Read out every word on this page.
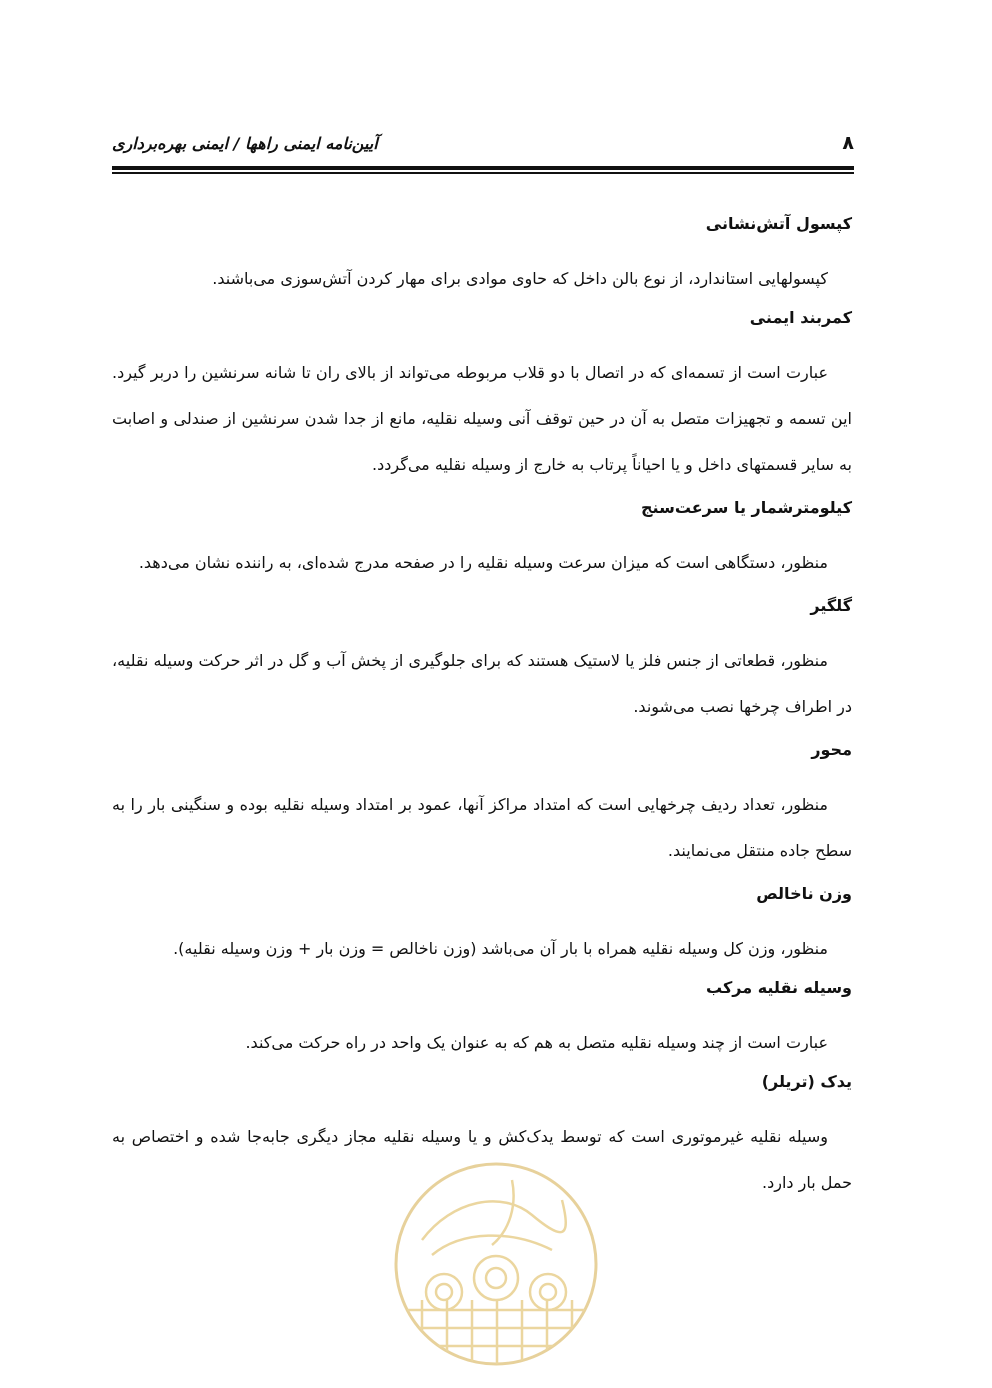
۸
آیین‌نامه ایمنی راهها / ایمنی بهره‌برداری
کپسول آتش‌نشانی

کپسولهایی استاندارد، از نوع بالن داخل که حاوی موادی برای مهار کردن آتش‌سوزی می‌باشند.

کمربند ایمنی

عبارت است از تسمه‌ای که در اتصال با دو قلاب مربوطه می‌تواند از بالای ران تا شانه سرنشین را دربر گیرد. این تسمه و تجهیزات متصل به آن در حین توقف آنی وسیله نقلیه، مانع از جدا شدن سرنشین از صندلی و اصابت به سایر قسمتهای داخل و یا احیاناً پرتاب به خارج از وسیله نقلیه می‌گردد.

کیلومترشمار یا سرعت‌سنج

منظور، دستگاهی است که میزان سرعت وسیله نقلیه را در صفحه مدرج شده‌ای، به راننده نشان می‌دهد.

گلگیر

منظور، قطعاتی از جنس فلز یا لاستیک هستند که برای جلوگیری از پخش آب و گل در اثر حرکت وسیله نقلیه، در اطراف چرخها نصب می‌شوند.

محور

منظور، تعداد ردیف چرخهایی است که امتداد مراکز آنها، عمود بر امتداد وسیله نقلیه بوده و سنگینی بار را به سطح جاده منتقل می‌نمایند.

وزن ناخالص

منظور، وزن کل وسیله نقلیه همراه با بار آن می‌باشد (وزن ناخالص = وزن بار + وزن وسیله نقلیه).

وسیله نقلیه مرکب

عبارت است از چند وسیله نقلیه متصل به هم که به عنوان یک واحد در راه حرکت می‌کند.

یدک (تریلر)

وسیله نقلیه غیرموتوری است که توسط یدک‌کش و یا وسیله نقلیه مجاز دیگری جابه‌جا شده و اختصاص به حمل بار دارد.
